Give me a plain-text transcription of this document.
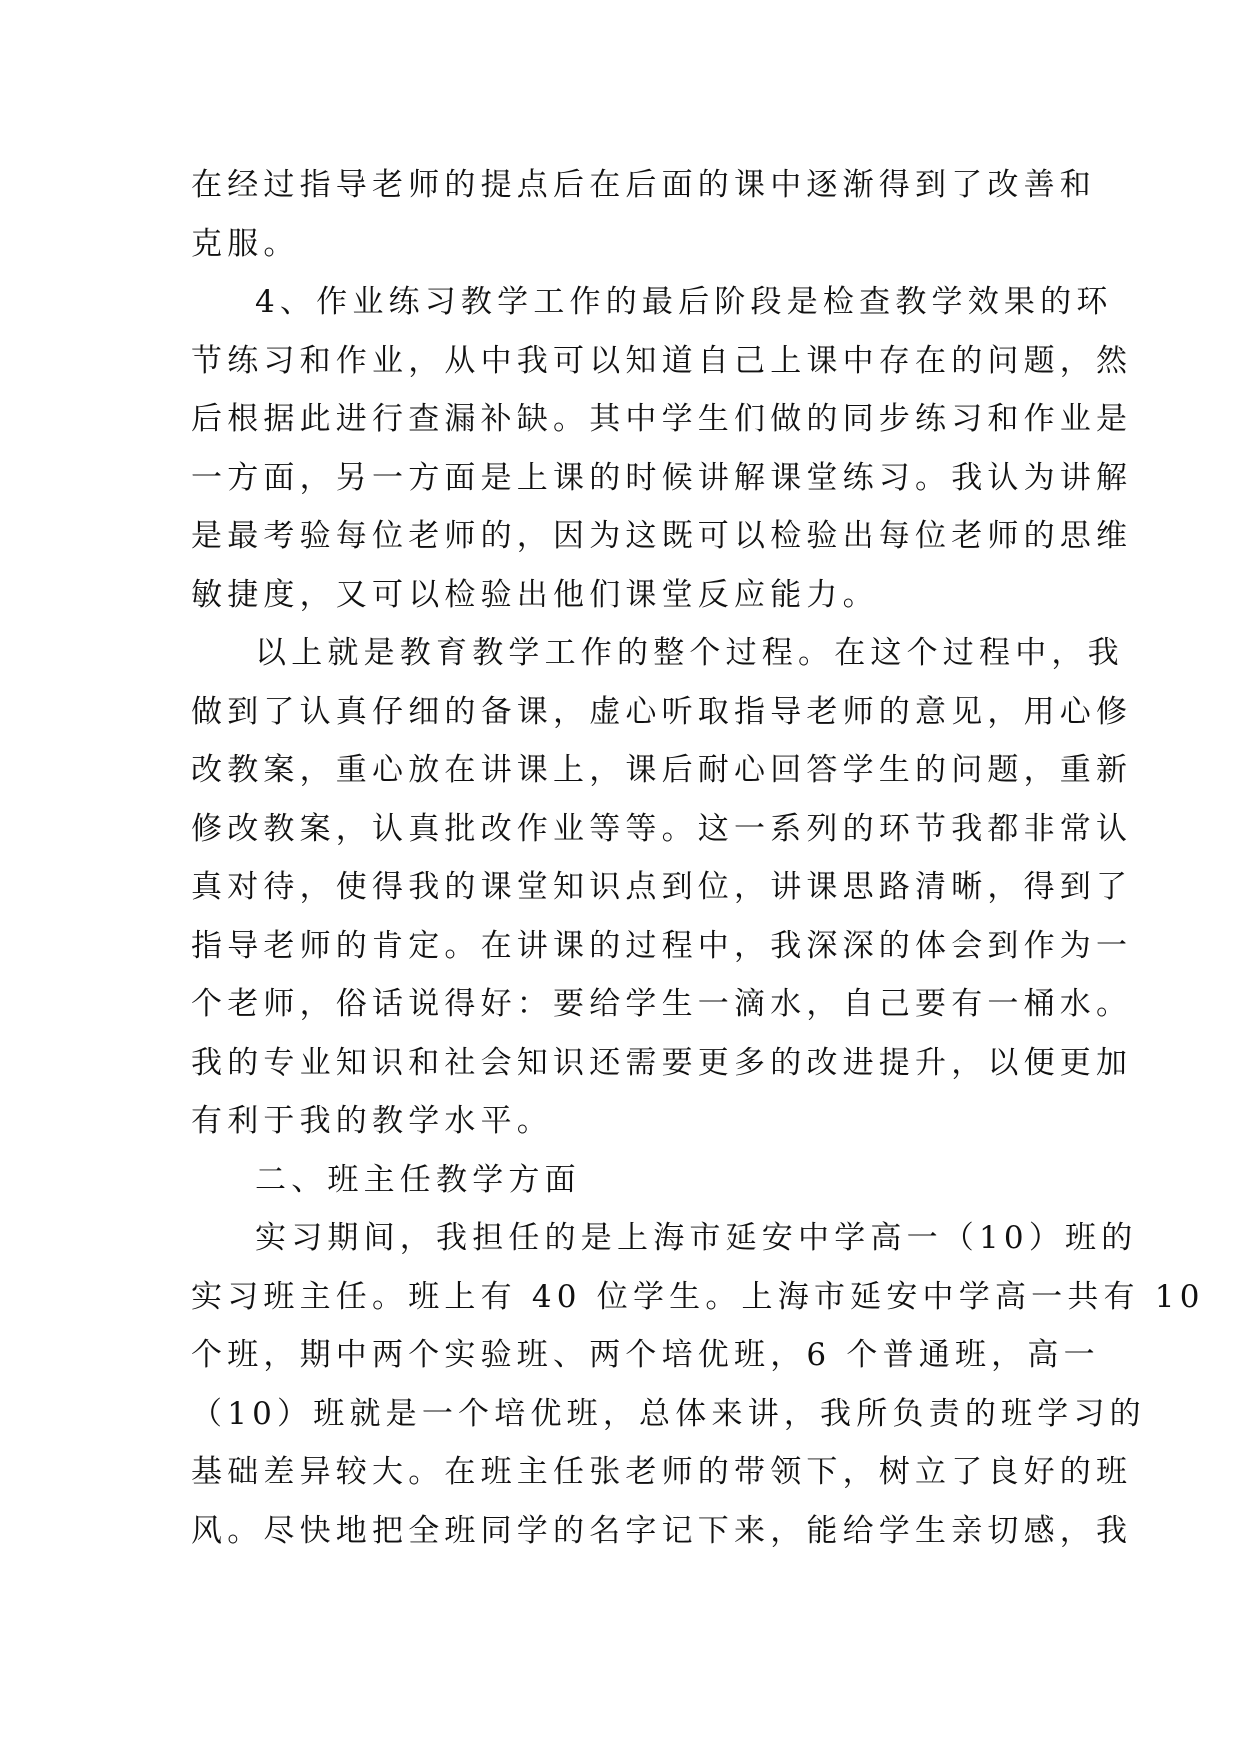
在经过指导老师的提点后在后面的课中逐渐得到了改善和
克服。
4、作业练习教学工作的最后阶段是检查教学效果的环
节练习和作业，从中我可以知道自己上课中存在的问题，然
后根据此进行查漏补缺。其中学生们做的同步练习和作业是
一方面，另一方面是上课的时候讲解课堂练习。我认为讲解
是最考验每位老师的，因为这既可以检验出每位老师的思维
敏捷度，又可以检验出他们课堂反应能力。
以上就是教育教学工作的整个过程。在这个过程中，我
做到了认真仔细的备课，虚心听取指导老师的意见，用心修
改教案，重心放在讲课上，课后耐心回答学生的问题，重新
修改教案，认真批改作业等等。这一系列的环节我都非常认
真对待，使得我的课堂知识点到位，讲课思路清晰，得到了
指导老师的肯定。在讲课的过程中，我深深的体会到作为一
个老师，俗话说得好：要给学生一滴水，自己要有一桶水。
我的专业知识和社会知识还需要更多的改进提升，以便更加
有利于我的教学水平。
二、班主任教学方面
实习期间，我担任的是上海市延安中学高一（10）班的
实习班主任。班上有 40 位学生。上海市延安中学高一共有 10
个班，期中两个实验班、两个培优班，6 个普通班，高一
（10）班就是一个培优班，总体来讲，我所负责的班学习的
基础差异较大。在班主任张老师的带领下，树立了良好的班
风。尽快地把全班同学的名字记下来，能给学生亲切感，我
